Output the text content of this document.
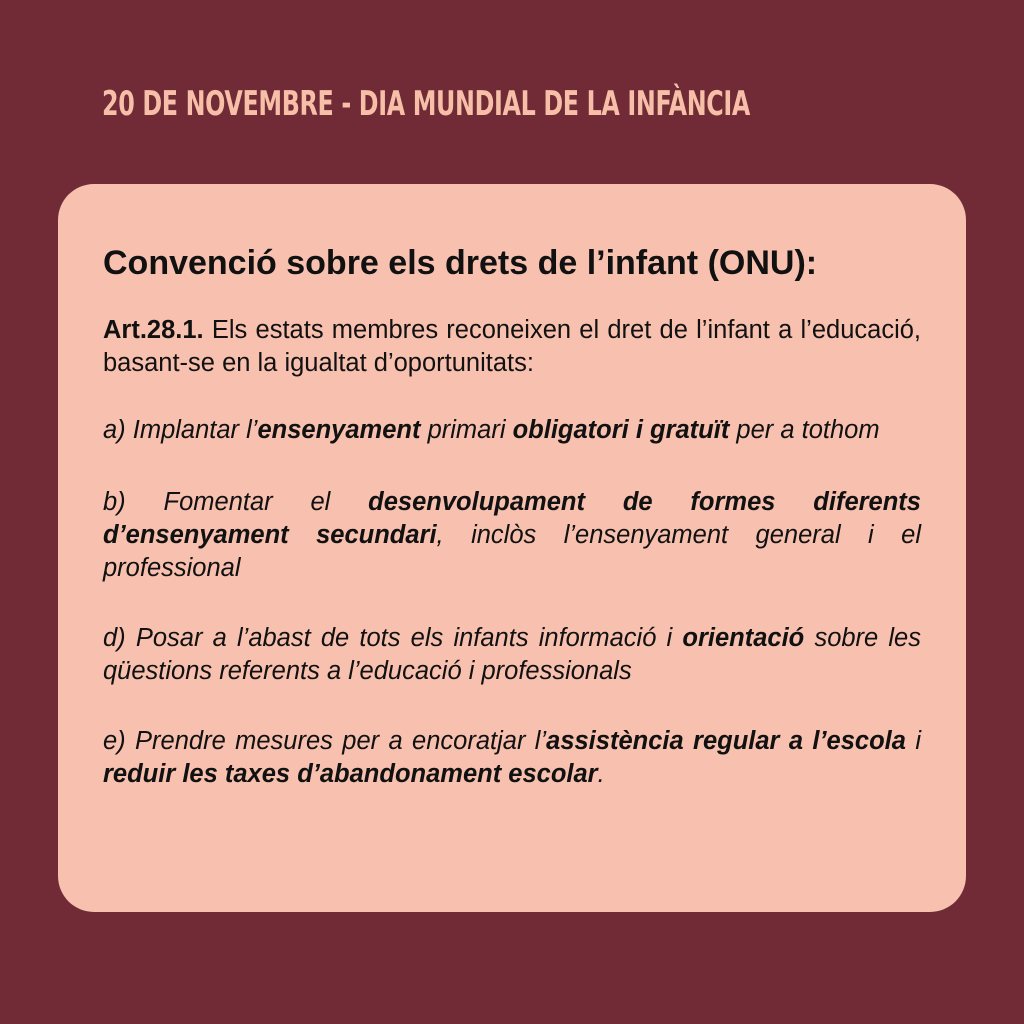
20 DE NOVEMBRE - DIA MUNDIAL DE LA INFÀNCIA
Convenció sobre els drets de l’infant (ONU):

Art.28.1. Els estats membres reconeixen el dret de l’infant a l’educació, basant-se en la igualtat d’oportunitats:

a) Implantar l’ensenyament primari obligatori i gratuït per a tothom

b) Fomentar el desenvolupament de formes diferents d’ensenyament secundari, inclòs l’ensenyament general i el professional

d) Posar a l’abast de tots els infants informació i orientació sobre les qüestions referents a l’educació i professionals

e) Prendre mesures per a encoratjar l’assistència regular a l’escola i reduir les taxes d’abandonament escolar.
